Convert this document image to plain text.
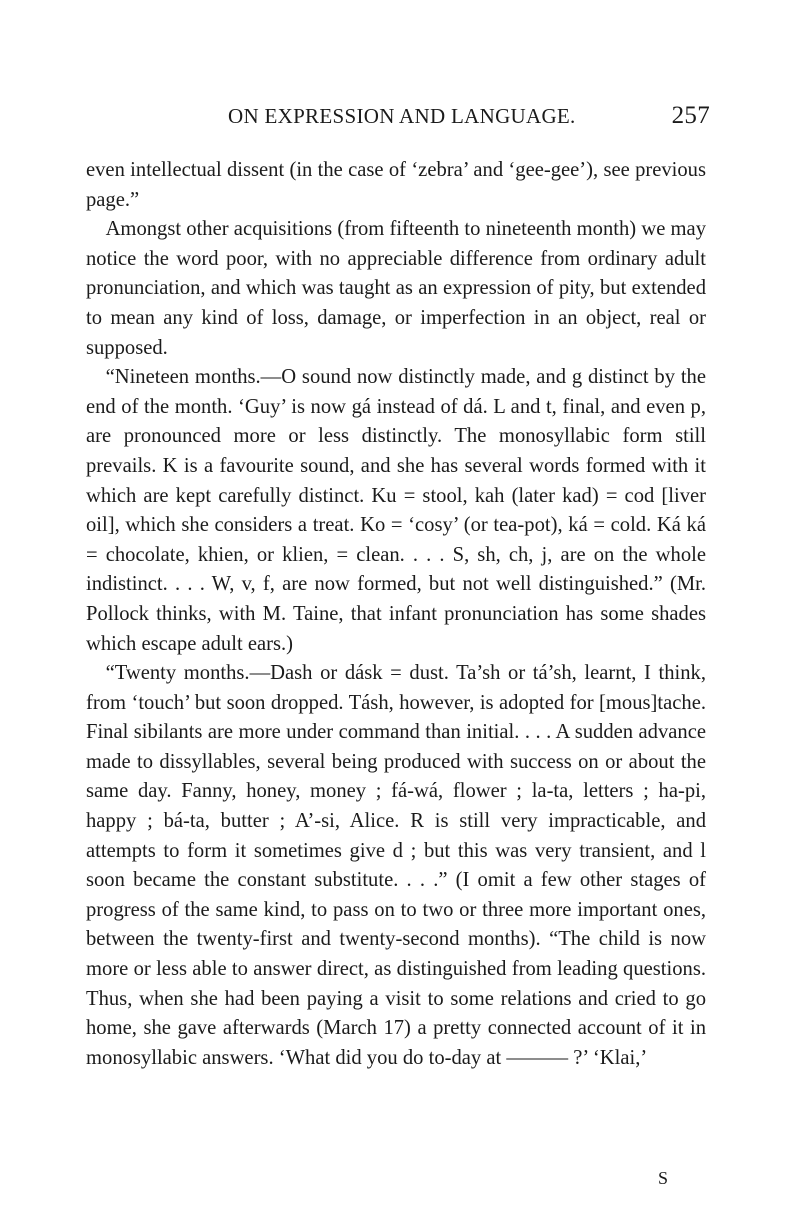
ON EXPRESSION AND LANGUAGE.	257

even intellectual dissent (in the case of ‘zebra’ and ‘gee-gee’), see previous page.”

Amongst other acquisitions (from fifteenth to nineteenth month) we may notice the word poor, with no appreciable difference from ordinary adult pronunciation, and which was taught as an expression of pity, but extended to mean any kind of loss, damage, or imperfection in an object, real or supposed.

“Nineteen months.—O sound now distinctly made, and g distinct by the end of the month. ‘Guy’ is now gá instead of dá. L and t, final, and even p, are pronounced more or less distinctly. The monosyllabic form still prevails. K is a favourite sound, and she has several words formed with it which are kept carefully distinct. Ku = stool, kah (later kad) = cod [liver oil], which she considers a treat. Ko = ‘cosy’ (or tea-pot), ká = cold. Ká ká = chocolate, khien, or klien, = clean. . . . S, sh, ch, j, are on the whole indistinct. . . . W, v, f, are now formed, but not well distinguished.” (Mr. Pollock thinks, with M. Taine, that infant pronunciation has some shades which escape adult ears.)

“Twenty months.—Dash or dásk = dust. Ta’sh or tá’sh, learnt, I think, from ‘touch’ but soon dropped. Tásh, however, is adopted for [mous]tache. Final sibilants are more under command than initial. . . . A sudden advance made to dissyllables, several being produced with success on or about the same day. Fanny, honey, money ; fá-wá, flower ; la-ta, letters ; ha-pi, happy ; bá-ta, butter ; A’-si, Alice. R is still very impracticable, and attempts to form it sometimes give d ; but this was very transient, and l soon became the constant substitute. . . .” (I omit a few other stages of progress of the same kind, to pass on to two or three more important ones, between the twenty-first and twenty-second months). “The child is now more or less able to answer direct, as distinguished from leading questions. Thus, when she had been paying a visit to some relations and cried to go home, she gave afterwards (March 17) a pretty connected account of it in monosyllabic answers. ‘What did you do to-day at ——— ?’ ‘Klai,’

S
